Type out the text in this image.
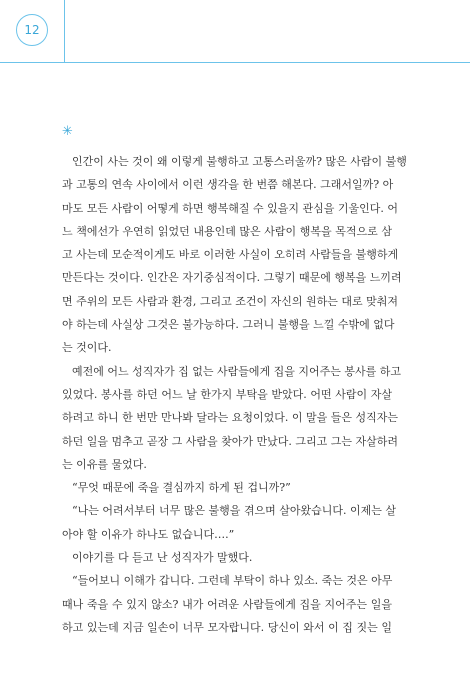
12
✳
인간이 사는 것이 왜 이렇게 불행하고 고통스러울까? 많은 사람이 불행
과 고통의 연속 사이에서 이런 생각을 한 번쯤 해본다. 그래서일까? 아
마도 모든 사람이 어떻게 하면 행복해질 수 있을지 관심을 기울인다. 어
느 책에선가 우연히 읽었던 내용인데 많은 사람이 행복을 목적으로 삼
고 사는데 모순적이게도 바로 이러한 사실이 오히려 사람들을 불행하게
만든다는 것이다. 인간은 자기중심적이다. 그렇기 때문에 행복을 느끼려
면 주위의 모든 사람과 환경, 그리고 조건이 자신의 원하는 대로 맞춰져
야 하는데 사실상 그것은 불가능하다. 그러니 불행을 느낄 수밖에 없다
는 것이다.
예전에 어느 성직자가 집 없는 사람들에게 집을 지어주는 봉사를 하고
있었다. 봉사를 하던 어느 날 한가지 부탁을 받았다. 어떤 사람이 자살
하려고 하니 한 번만 만나봐 달라는 요청이었다. 이 말을 들은 성직자는
하던 일을 멈추고 곧장 그 사람을 찾아가 만났다. 그리고 그는 자살하려
는 이유를 물었다.
“무엇 때문에 죽을 결심까지 하게 된 겁니까?”
“나는 어려서부터 너무 많은 불행을 겪으며 살아왔습니다. 이제는 살
아야 할 이유가 하나도 없습니다….”
이야기를 다 듣고 난 성직자가 말했다.
“들어보니 이해가 갑니다. 그런데 부탁이 하나 있소. 죽는 것은 아무
때나 죽을 수 있지 않소? 내가 어려운 사람들에게 집을 지어주는 일을
하고 있는데 지금 일손이 너무 모자랍니다. 당신이 와서 이 집 짓는 일
